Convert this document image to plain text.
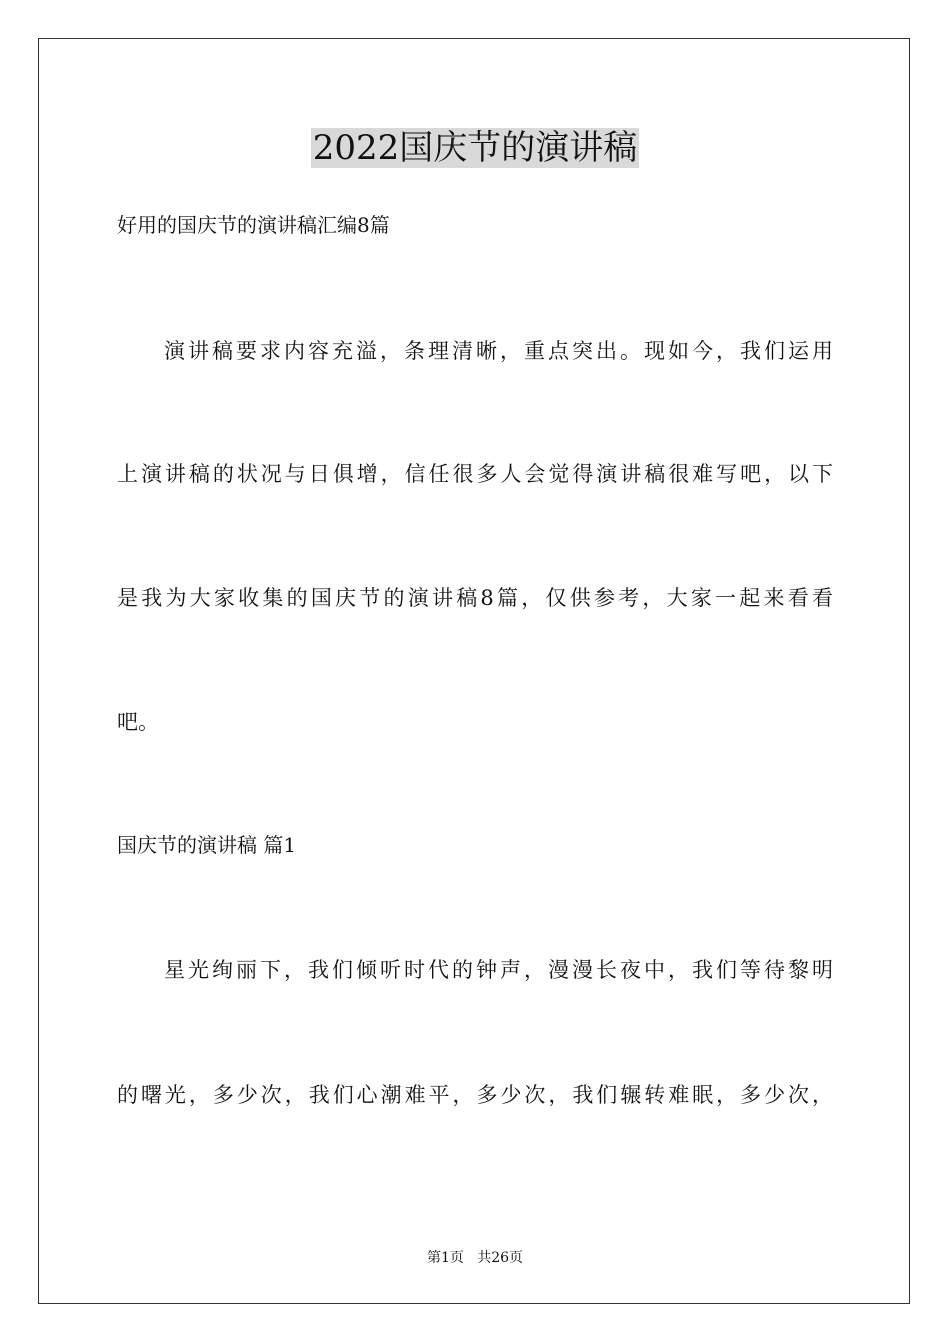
2022国庆节的演讲稿
好用的国庆节的演讲稿汇编8篇
演讲稿要求内容充溢，条理清晰，重点突出。现如今，我们运用
上演讲稿的状况与日俱增，信任很多人会觉得演讲稿很难写吧，以下
是我为大家收集的国庆节的演讲稿8篇，仅供参考，大家一起来看看
吧。
国庆节的演讲稿 篇1
星光绚丽下，我们倾听时代的钟声，漫漫长夜中，我们等待黎明
的曙光，多少次，我们心潮难平，多少次，我们辗转难眠，多少次，
第1页   共26页
